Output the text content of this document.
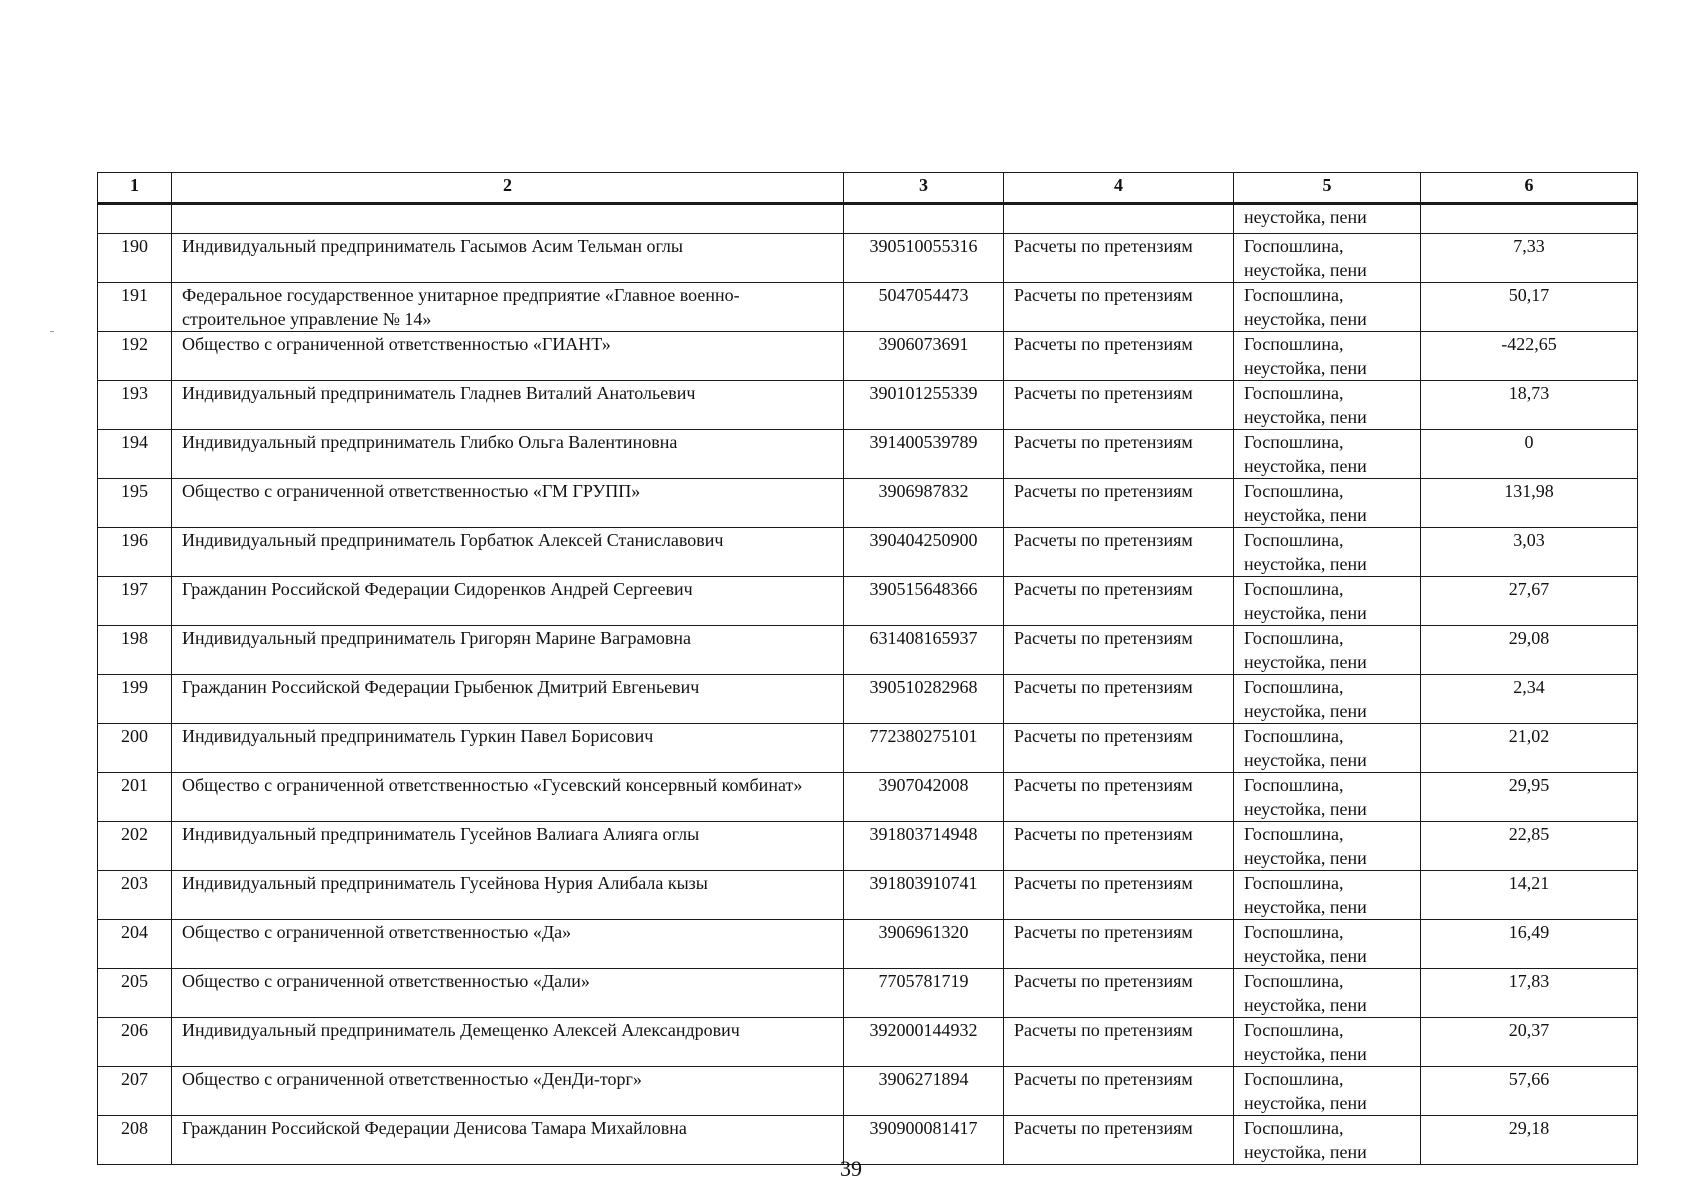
1	2	3	4	5	6
				неустойка, пени	
190	Индивидуальный предприниматель Гасымов Асим Тельман оглы	390510055316	Расчеты по претензиям	Госпошлина, неустойка, пени	7,33
191	Федеральное государственное унитарное предприятие «Главное военно-строительное управление № 14»	5047054473	Расчеты по претензиям	Госпошлина, неустойка, пени	50,17
192	Общество с ограниченной ответственностью «ГИАНТ»	3906073691	Расчеты по претензиям	Госпошлина, неустойка, пени	-422,65
193	Индивидуальный предприниматель Гладнев Виталий Анатольевич	390101255339	Расчеты по претензиям	Госпошлина, неустойка, пени	18,73
194	Индивидуальный предприниматель Глибко Ольга Валентиновна	391400539789	Расчеты по претензиям	Госпошлина, неустойка, пени	0
195	Общество с ограниченной ответственностью «ГМ ГРУПП»	3906987832	Расчеты по претензиям	Госпошлина, неустойка, пени	131,98
196	Индивидуальный предприниматель Горбатюк Алексей Станиславович	390404250900	Расчеты по претензиям	Госпошлина, неустойка, пени	3,03
197	Гражданин Российской Федерации Сидоренков Андрей Сергеевич	390515648366	Расчеты по претензиям	Госпошлина, неустойка, пени	27,67
198	Индивидуальный предприниматель Григорян Марине Ваграмовна	631408165937	Расчеты по претензиям	Госпошлина, неустойка, пени	29,08
199	Гражданин Российской Федерации Грыбенюк Дмитрий Евгеньевич	390510282968	Расчеты по претензиям	Госпошлина, неустойка, пени	2,34
200	Индивидуальный предприниматель Гуркин Павел Борисович	772380275101	Расчеты по претензиям	Госпошлина, неустойка, пени	21,02
201	Общество с ограниченной ответственностью «Гусевский консервный комбинат»	3907042008	Расчеты по претензиям	Госпошлина, неустойка, пени	29,95
202	Индивидуальный предприниматель Гусейнов Валиага Алияга оглы	391803714948	Расчеты по претензиям	Госпошлина, неустойка, пени	22,85
203	Индивидуальный предприниматель Гусейнова Нурия Алибала кызы	391803910741	Расчеты по претензиям	Госпошлина, неустойка, пени	14,21
204	Общество с ограниченной ответственностью «Да»	3906961320	Расчеты по претензиям	Госпошлина, неустойка, пени	16,49
205	Общество с ограниченной ответственностью «Дали»	7705781719	Расчеты по претензиям	Госпошлина, неустойка, пени	17,83
206	Индивидуальный предприниматель Демещенко Алексей Александрович	392000144932	Расчеты по претензиям	Госпошлина, неустойка, пени	20,37
207	Общество с ограниченной ответственностью «ДенДи-торг»	3906271894	Расчеты по претензиям	Госпошлина, неустойка, пени	57,66
208	Гражданин Российской Федерации Денисова Тамара Михайловна	390900081417	Расчеты по претензиям	Госпошлина, неустойка, пени	29,18
39
